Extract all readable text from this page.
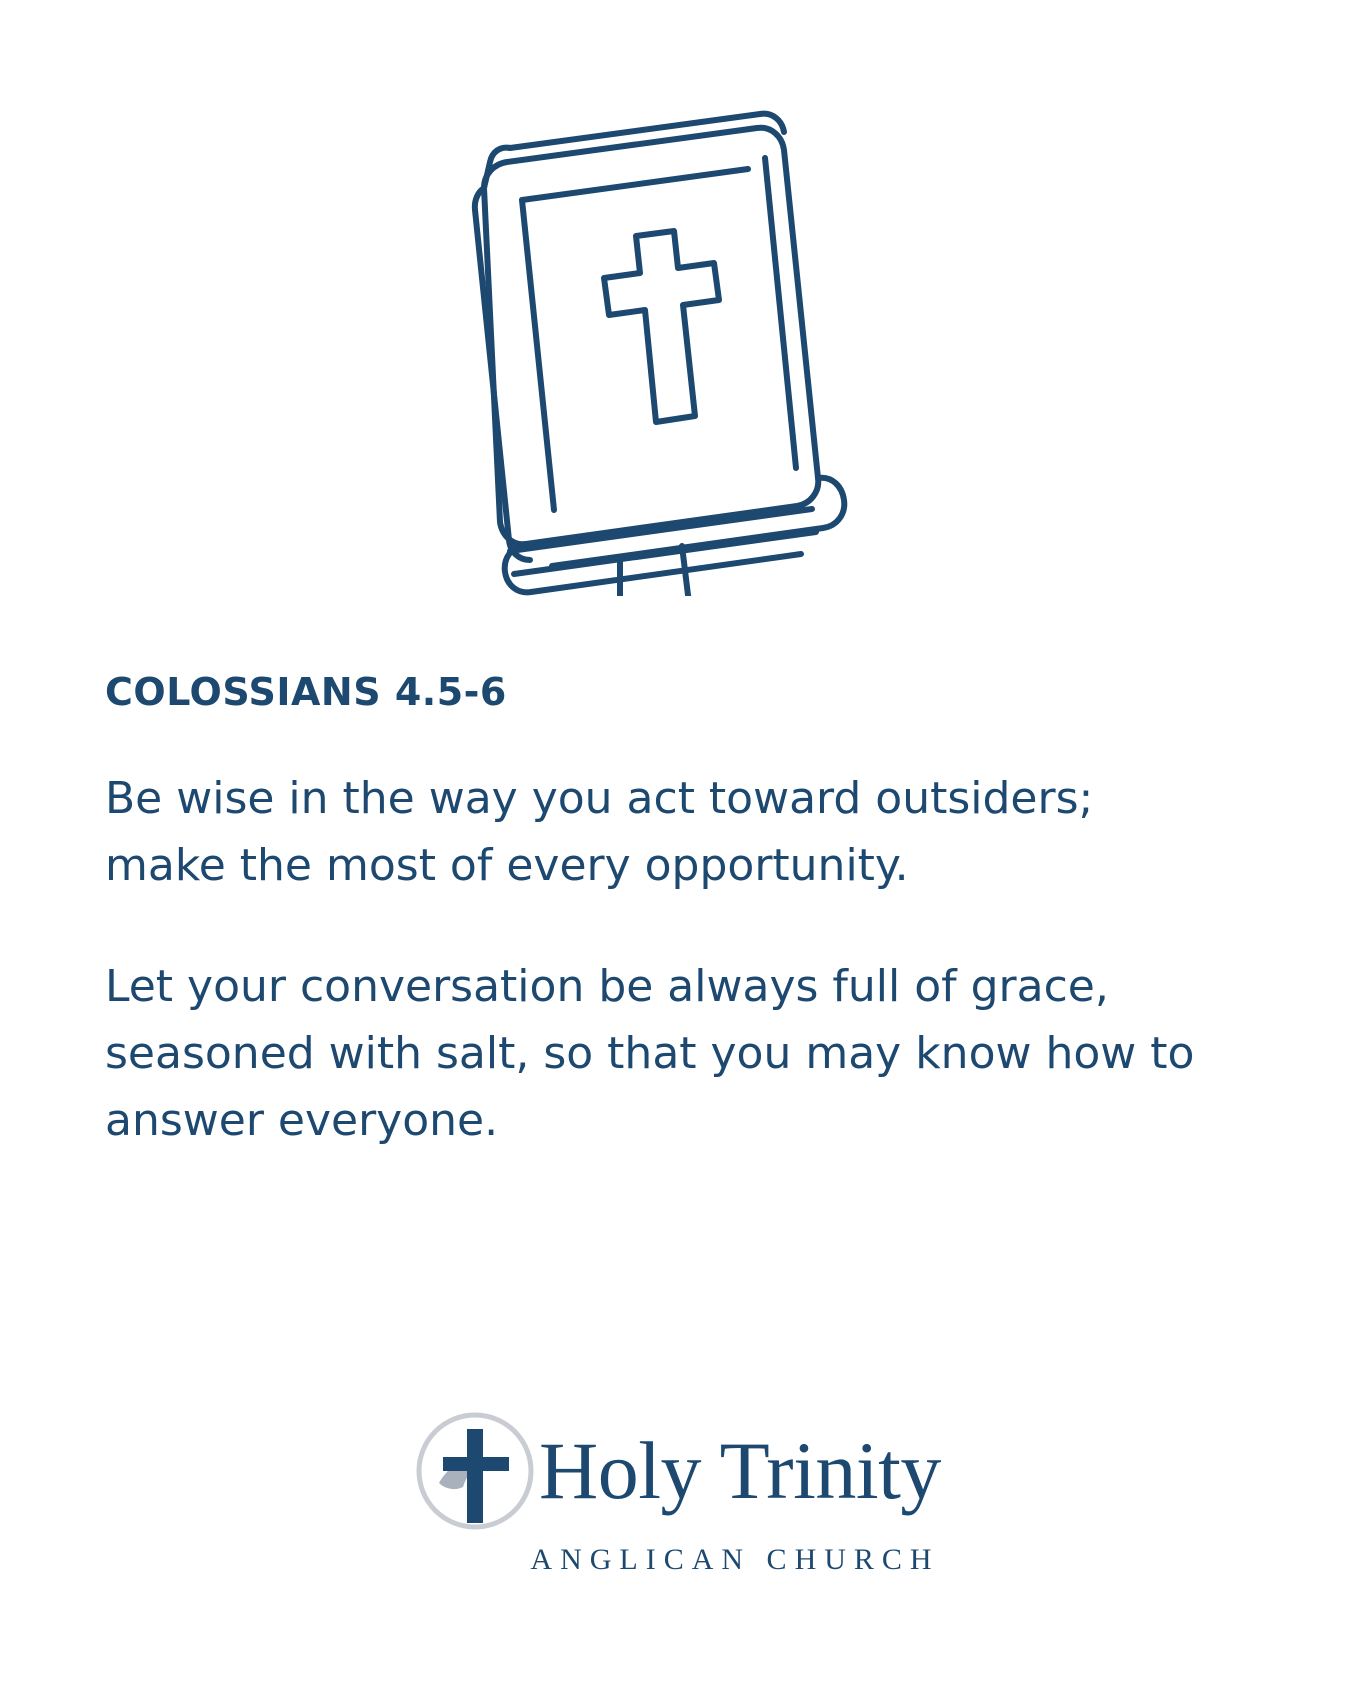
COLOSSIANS 4.5-6

Be wise in the way you act toward outsiders; make the most of every opportunity.

Let your conversation be always full of grace, seasoned with salt, so that you may know how to answer everyone.

Holy Trinity
ANGLICAN CHURCH
